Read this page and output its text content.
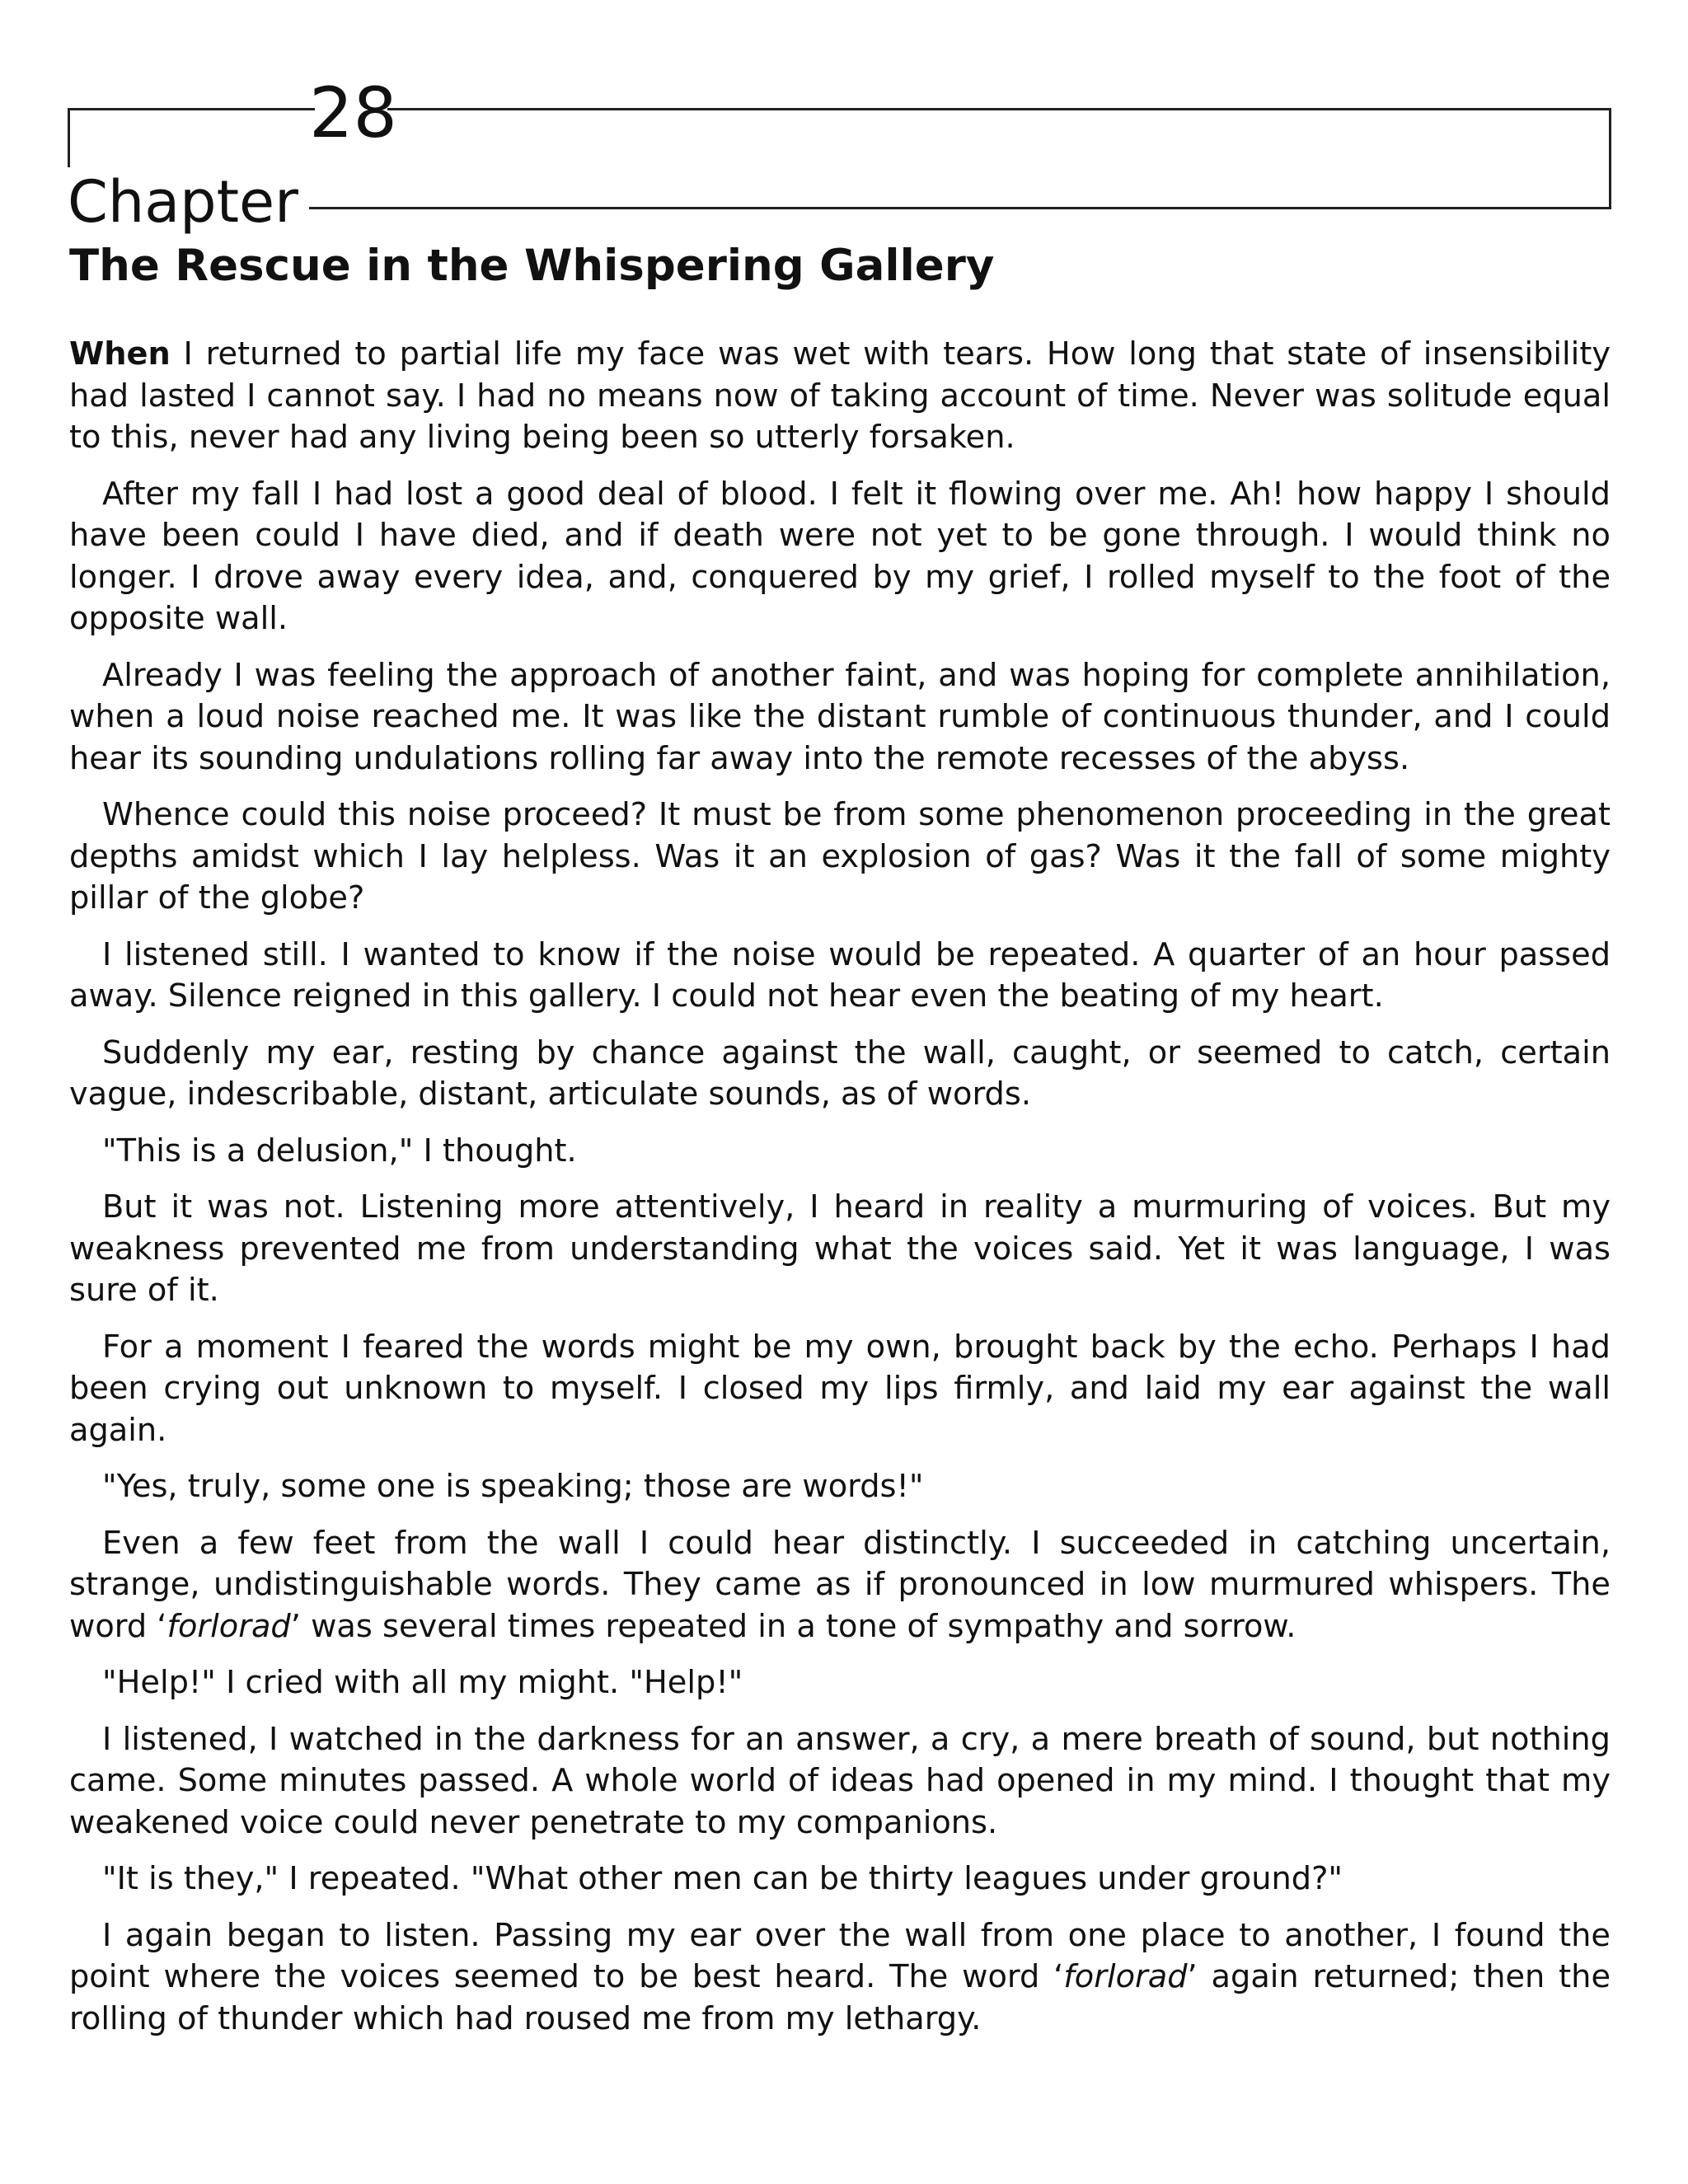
28
Chapter
The Rescue in the Whispering Gallery

When I returned to partial life my face was wet with tears. How long that state of insensibility had lasted I cannot say. I had no means now of taking account of time. Never was solitude equal to this, never had any living being been so utterly forsaken.

After my fall I had lost a good deal of blood. I felt it flowing over me. Ah! how happy I should have been could I have died, and if death were not yet to be gone through. I would think no longer. I drove away every idea, and, conquered by my grief, I rolled myself to the foot of the opposite wall.

Already I was feeling the approach of another faint, and was hoping for complete annihilation, when a loud noise reached me. It was like the distant rumble of continuous thunder, and I could hear its sounding undulations rolling far away into the remote recesses of the abyss.

Whence could this noise proceed? It must be from some phenomenon proceeding in the great depths amidst which I lay helpless. Was it an explosion of gas? Was it the fall of some mighty pillar of the globe?

I listened still. I wanted to know if the noise would be repeated. A quarter of an hour passed away. Silence reigned in this gallery. I could not hear even the beating of my heart.

Suddenly my ear, resting by chance against the wall, caught, or seemed to catch, certain vague, indescribable, distant, articulate sounds, as of words.

"This is a delusion," I thought.

But it was not. Listening more attentively, I heard in reality a murmuring of voices. But my weakness prevented me from understanding what the voices said. Yet it was language, I was sure of it.

For a moment I feared the words might be my own, brought back by the echo. Perhaps I had been crying out unknown to myself. I closed my lips firmly, and laid my ear against the wall again.

"Yes, truly, some one is speaking; those are words!"

Even a few feet from the wall I could hear distinctly. I succeeded in catching uncertain, strange, undistinguishable words. They came as if pronounced in low murmured whispers. The word ‘forlorad’ was several times repeated in a tone of sympathy and sorrow.

"Help!" I cried with all my might. "Help!"

I listened, I watched in the darkness for an answer, a cry, a mere breath of sound, but nothing came. Some minutes passed. A whole world of ideas had opened in my mind. I thought that my weakened voice could never penetrate to my companions.

"It is they," I repeated. "What other men can be thirty leagues under ground?"

I again began to listen. Passing my ear over the wall from one place to another, I found the point where the voices seemed to be best heard. The word ‘forlorad’ again returned; then the rolling of thunder which had roused me from my lethargy.
